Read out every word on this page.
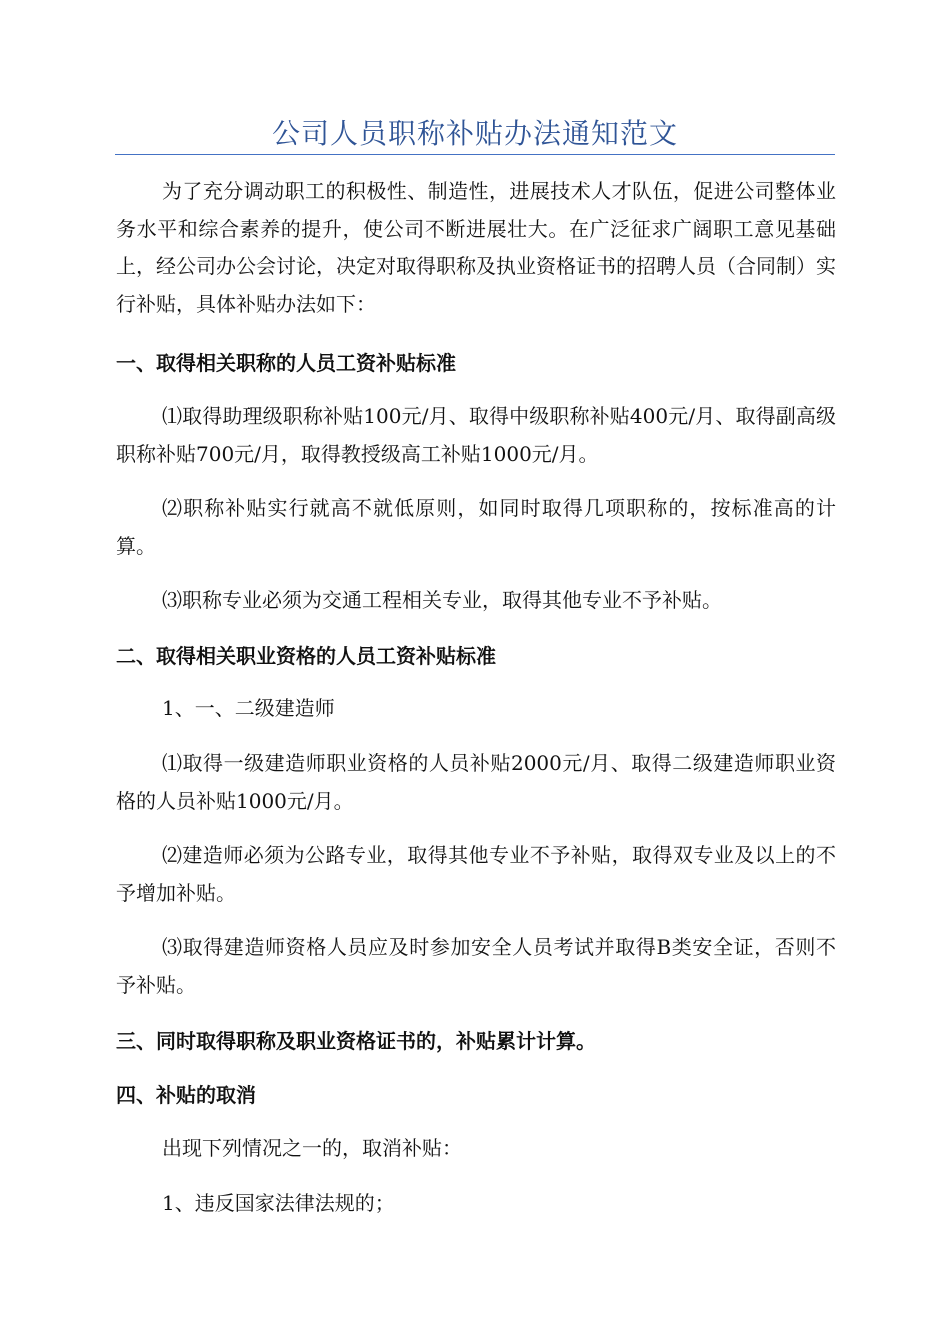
公司人员职称补贴办法通知范文

为了充分调动职工的积极性、制造性，进展技术人才队伍，促进公司整体业务水平和综合素养的提升，使公司不断进展壮大。在广泛征求广阔职工意见基础上，经公司办公会讨论，决定对取得职称及执业资格证书的招聘人员（合同制）实行补贴，具体补贴办法如下：

一、取得相关职称的人员工资补贴标准

⑴取得助理级职称补贴100元/月、取得中级职称补贴400元/月、取得副高级职称补贴700元/月，取得教授级高工补贴1000元/月。

⑵职称补贴实行就高不就低原则，如同时取得几项职称的，按标准高的计算。

⑶职称专业必须为交通工程相关专业，取得其他专业不予补贴。

二、取得相关职业资格的人员工资补贴标准

1、一、二级建造师

⑴取得一级建造师职业资格的人员补贴2000元/月、取得二级建造师职业资格的人员补贴1000元/月。

⑵建造师必须为公路专业，取得其他专业不予补贴，取得双专业及以上的不予增加补贴。

⑶取得建造师资格人员应及时参加安全人员考试并取得B类安全证，否则不予补贴。

三、同时取得职称及职业资格证书的，补贴累计计算。
四、补贴的取消

出现下列情况之一的，取消补贴：

1、违反国家法律法规的；
